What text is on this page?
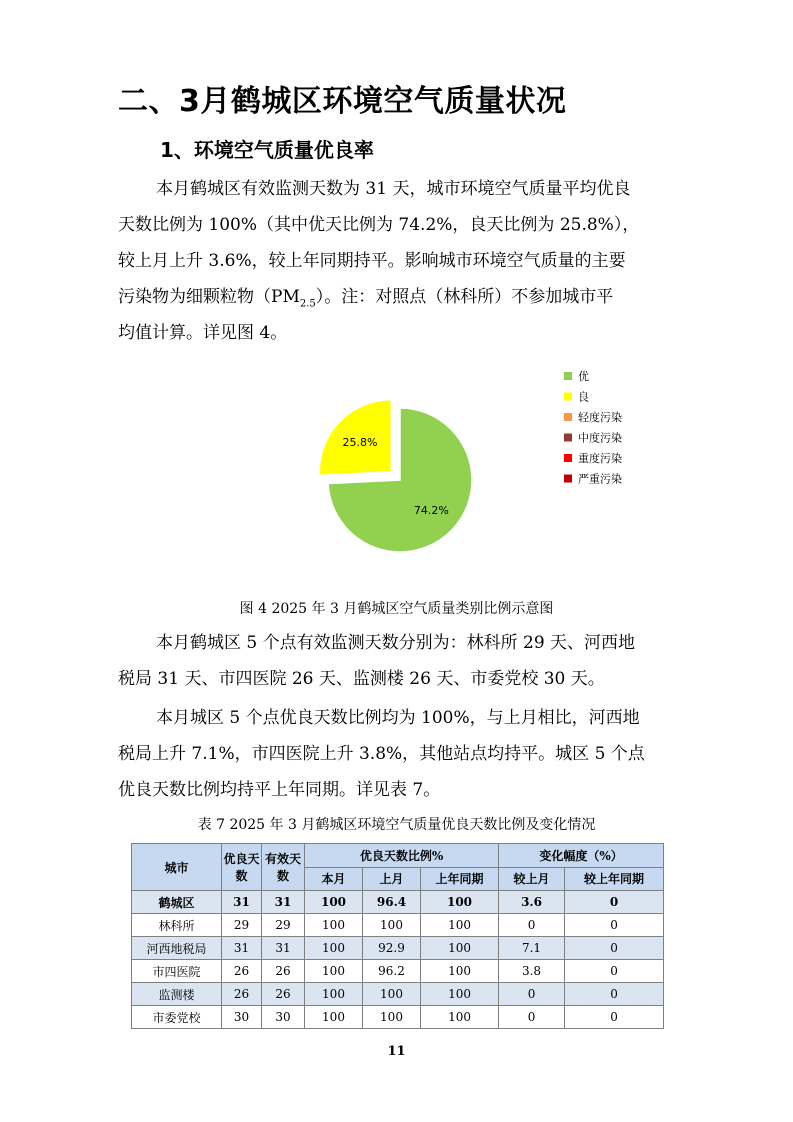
二、3月鹤城区环境空气质量状况
1、环境空气质量优良率
本月鹤城区有效监测天数为 31 天，城市环境空气质量平均优良
天数比例为 100%（其中优天比例为 74.2%，良天比例为 25.8%），
较上月上升 3.6%，较上年同期持平。影响城市环境空气质量的主要
污染物为细颗粒物$(PM_{2.5})$。注：对照点（林科所）不参加城市平
均值计算。详见图 4。
74.2%
25.8%
优
良
轻度污染
中度污染
重度污染
严重污染
图 4 2025 年 3 月鹤城区空气质量类别比例示意图
本月鹤城区 5 个点有效监测天数分别为：林科所 29 天、河西地
税局 31 天、市四医院 26 天、监测楼 26 天、市委党校 30 天。
本月城区 5 个点优良天数比例均为 100%，与上月相比，河西地
税局上升 7.1%，市四医院上升 3.8%，其他站点均持平。城区 5 个点
优良天数比例均持平上年同期。详见表 7。
表 7 2025 年 3 月鹤城区环境空气质量优良天数比例及变化情况
城市	优良天数	有效天数	优良天数比例%			变化幅度（%）	
			本月	上月	上年同期	较上月	较上年同期
鹤城区	31	31	100	96.4	100	3.6	0
林科所	29	29	100	100	100	0	0
河西地税局	31	31	100	92.9	100	7.1	0
市四医院	26	26	100	96.2	100	3.8	0
监测楼	26	26	100	100	100	0	0
市委党校	30	30	100	100	100	0	0
11
